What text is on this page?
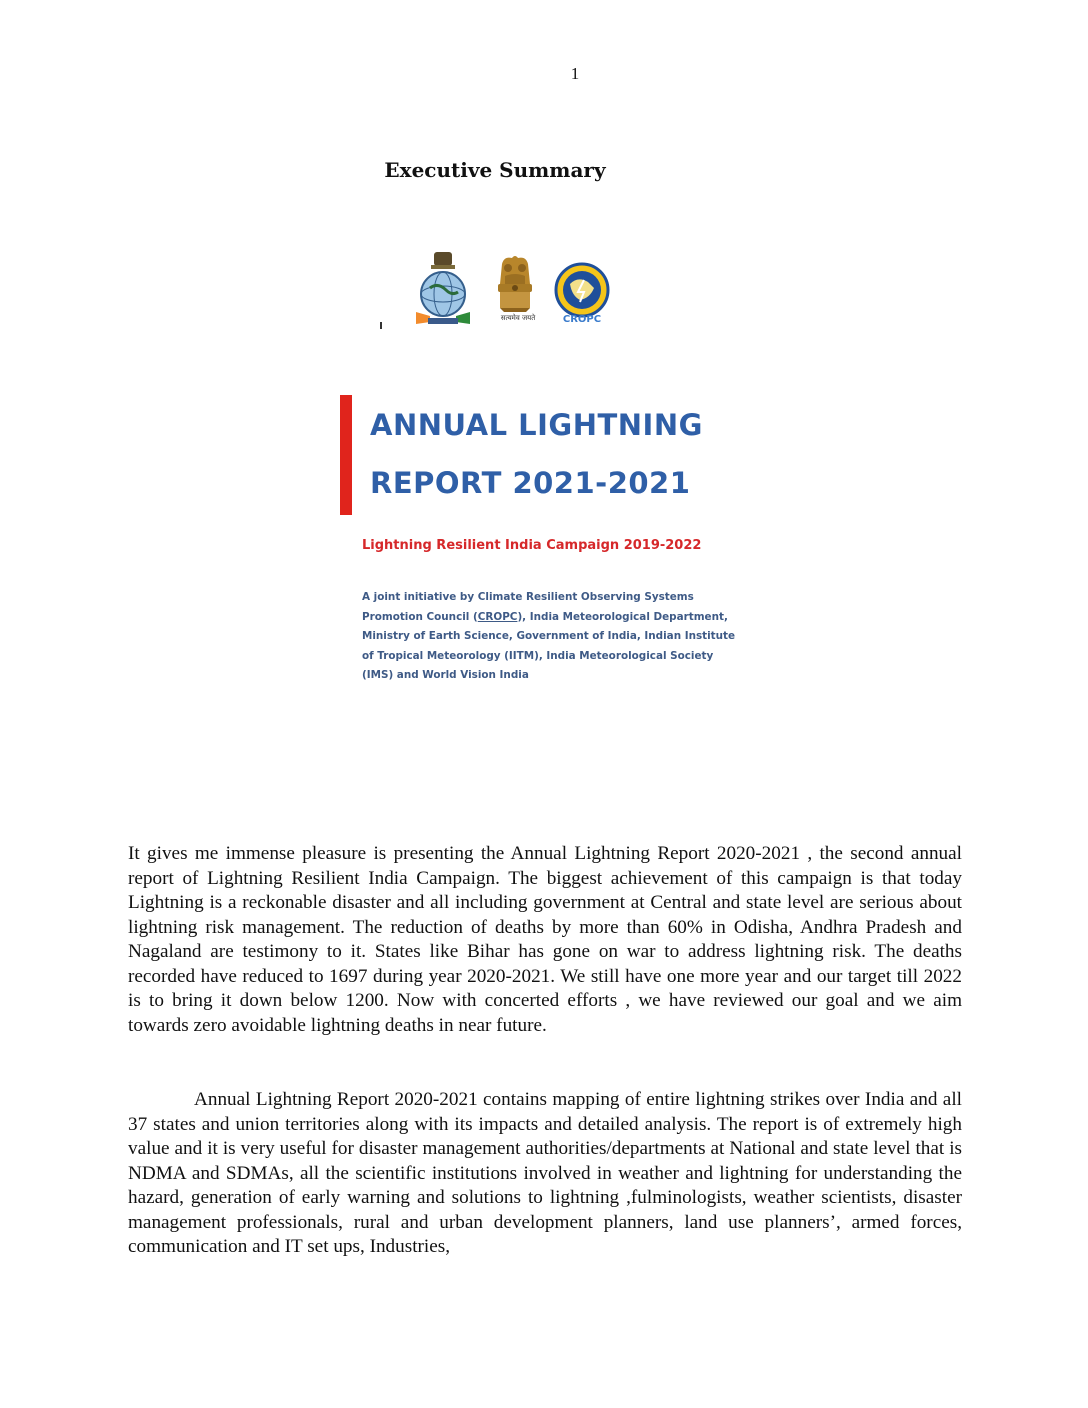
1
Executive Summary
सत्यमेव जयते	CROPC
ANNUAL LIGHTNING
REPORT 2021-2021
Lightning Resilient India Campaign 2019-2022
A joint initiative by Climate Resilient Observing Systems
Promotion Council (CROPC), India Meteorological Department,
Ministry of Earth Science, Government of India, Indian Institute
of Tropical Meteorology (IITM), India Meteorological Society
(IMS) and World Vision India
It gives me immense pleasure is presenting the Annual Lightning Report 2020-2021 , the second annual report of Lightning Resilient India Campaign. The biggest achievement of this campaign is that today Lightning is a reckonable disaster and all including government at Central and state level are serious about lightning risk management. The reduction of deaths by more than 60% in Odisha, Andhra Pradesh and Nagaland are testimony to it. States like Bihar has gone on war to address lightning risk. The deaths recorded have reduced to 1697 during year 2020-2021. We still have one more year and our target till 2022 is to bring it down below 1200. Now with concerted efforts , we have reviewed our goal and we aim towards zero avoidable lightning deaths in near future.
Annual Lightning Report 2020-2021 contains mapping of entire lightning strikes over India and all 37 states and union territories along with its impacts and detailed analysis. The report is of extremely high value and it is very useful for disaster management authorities/departments at National and state level that is NDMA and SDMAs, all the scientific institutions involved in weather and lightning for understanding the hazard, generation of early warning and solutions to lightning ,fulminologists, weather scientists, disaster management professionals, rural and urban development planners, land use planners’, armed forces, communication and IT set ups, Industries,
